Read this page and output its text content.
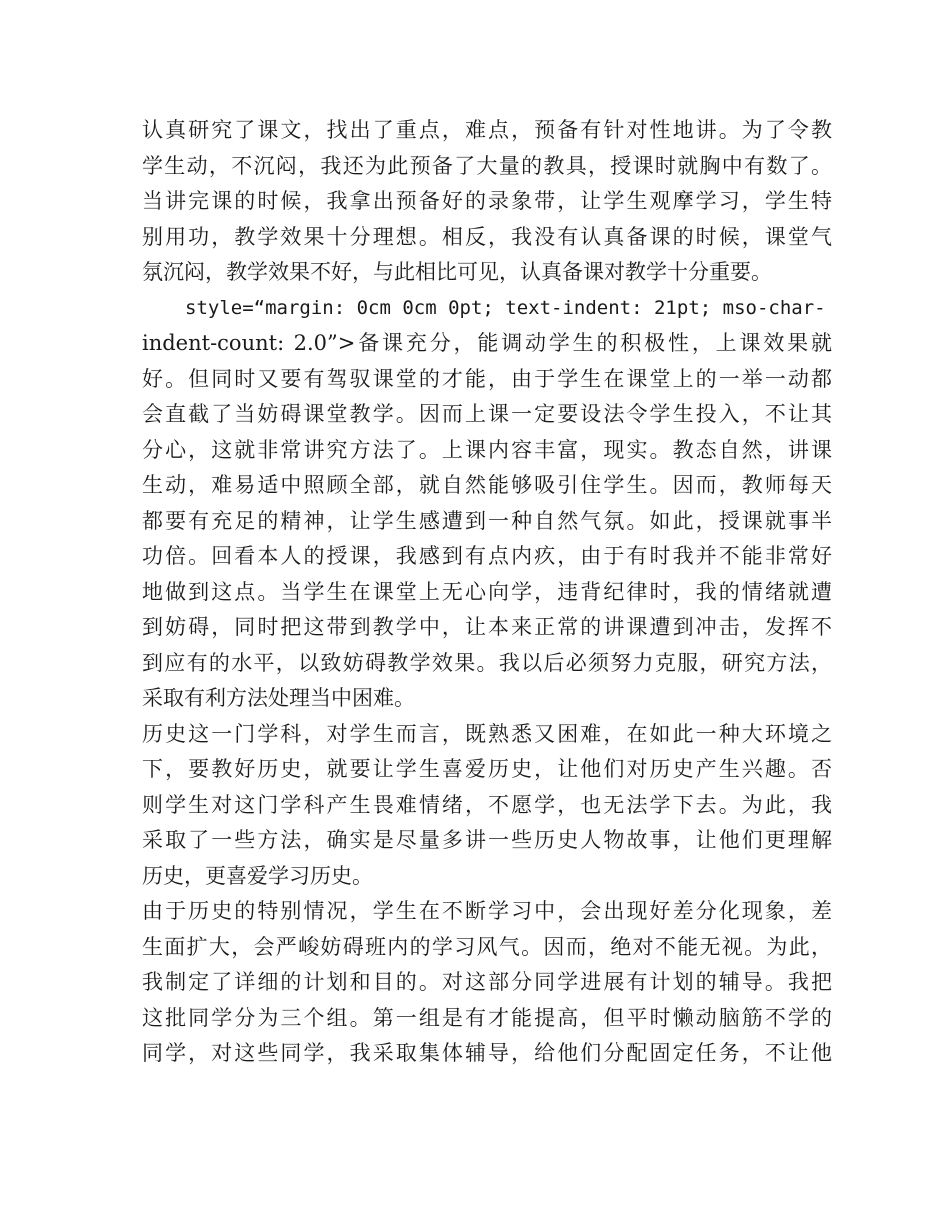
认真研究了课文，找出了重点，难点，预备有针对性地讲。为了令教
学生动，不沉闷，我还为此预备了大量的教具，授课时就胸中有数了。
当讲完课的时候，我拿出预备好的录象带，让学生观摩学习，学生特
别用功，教学效果十分理想。相反，我没有认真备课的时候，课堂气
氛沉闷，教学效果不好，与此相比可见，认真备课对教学十分重要。
style=“margin: 0cm 0cm 0pt; text-indent: 21pt; mso-char-
indent-count: 2.0”>备课充分，能调动学生的积极性，上课效果就
好。但同时又要有驾驭课堂的才能，由于学生在课堂上的一举一动都
会直截了当妨碍课堂教学。因而上课一定要设法令学生投入，不让其
分心，这就非常讲究方法了。上课内容丰富，现实。教态自然，讲课
生动，难易适中照顾全部，就自然能够吸引住学生。因而，教师每天
都要有充足的精神，让学生感遭到一种自然气氛。如此，授课就事半
功倍。回看本人的授课，我感到有点内疚，由于有时我并不能非常好
地做到这点。当学生在课堂上无心向学，违背纪律时，我的情绪就遭
到妨碍，同时把这带到教学中，让本来正常的讲课遭到冲击，发挥不
到应有的水平，以致妨碍教学效果。我以后必须努力克服，研究方法，
采取有利方法处理当中困难。
历史这一门学科，对学生而言，既熟悉又困难，在如此一种大环境之
下，要教好历史，就要让学生喜爱历史，让他们对历史产生兴趣。否
则学生对这门学科产生畏难情绪，不愿学，也无法学下去。为此，我
采取了一些方法，确实是尽量多讲一些历史人物故事，让他们更理解
历史，更喜爱学习历史。
由于历史的特别情况，学生在不断学习中，会出现好差分化现象，差
生面扩大，会严峻妨碍班内的学习风气。因而，绝对不能无视。为此，
我制定了详细的计划和目的。对这部分同学进展有计划的辅导。我把
这批同学分为三个组。第一组是有才能提高，但平时懒动脑筋不学的
同学，对这些同学，我采取集体辅导，给他们分配固定任务，不让他
